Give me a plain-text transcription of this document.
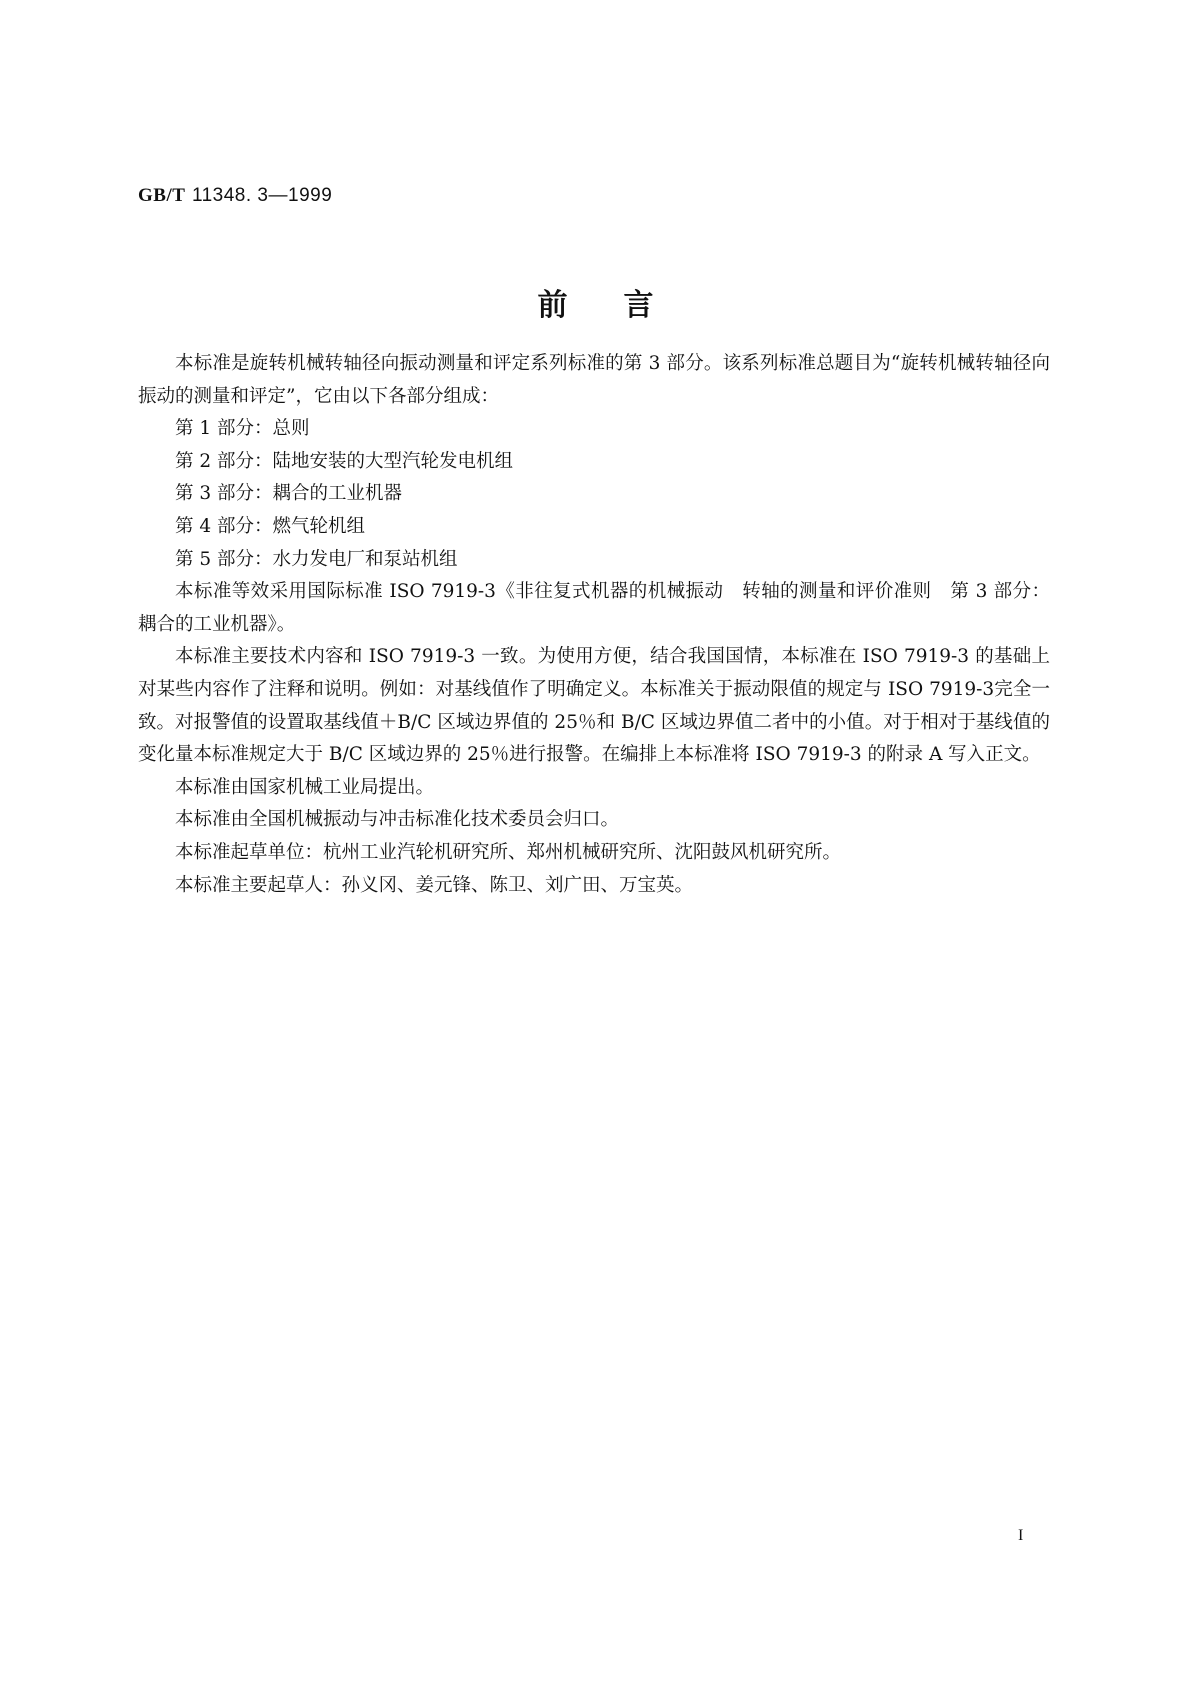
GB/T 11348. 3—1999
前言

本标准是旋转机械转轴径向振动测量和评定系列标准的第 3 部分。该系列标准总题目为“旋转机械转轴径向振动的测量和评定”，它由以下各部分组成：

第 1 部分：总则

第 2 部分：陆地安装的大型汽轮发电机组

第 3 部分：耦合的工业机器

第 4 部分：燃气轮机组

第 5 部分：水力发电厂和泵站机组

本标准等效采用国际标准 ISO 7919-3《非往复式机器的机械振动　转轴的测量和评价准则　第 3 部分：耦合的工业机器》。

本标准主要技术内容和 ISO 7919-3 一致。为使用方便，结合我国国情，本标准在 ISO 7919-3 的基础上对某些内容作了注释和说明。例如：对基线值作了明确定义。本标准关于振动限值的规定与 ISO 7919-3完全一致。对报警值的设置取基线值＋B/C 区域边界值的 25％和 B/C 区域边界值二者中的小值。对于相对于基线值的变化量本标准规定大于 B/C 区域边界的 25％进行报警。在编排上本标准将 ISO 7919-3 的附录 A 写入正文。

本标准由国家机械工业局提出。

本标准由全国机械振动与冲击标准化技术委员会归口。

本标准起草单位：杭州工业汽轮机研究所、郑州机械研究所、沈阳鼓风机研究所。

本标准主要起草人：孙义冈、姜元锋、陈卫、刘广田、万宝英。

I
